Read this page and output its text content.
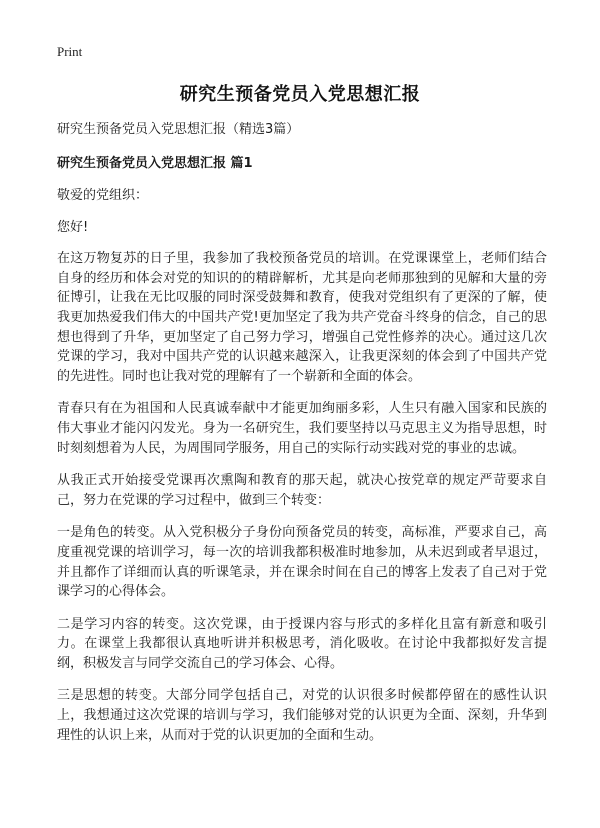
Print
研究生预备党员入党思想汇报

研究生预备党员入党思想汇报（精选3篇）

研究生预备党员入党思想汇报 篇1

敬爱的党组织：

您好!

在这万物复苏的日子里，我参加了我校预备党员的培训。在党课课堂上，老师们结合自身的经历和体会对党的知识的的精辟解析，尤其是向老师那独到的见解和大量的旁征博引，让我在无比叹服的同时深受鼓舞和教育，使我对党组织有了更深的了解，使我更加热爱我们伟大的中国共产党!更加坚定了我为共产党奋斗终身的信念，自己的思想也得到了升华，更加坚定了自己努力学习，增强自己党性修养的决心。通过这几次党课的学习，我对中国共产党的认识越来越深入，让我更深刻的体会到了中国共产党的先进性。同时也让我对党的理解有了一个崭新和全面的体会。

青春只有在为祖国和人民真诚奉献中才能更加绚丽多彩，人生只有融入国家和民族的伟大事业才能闪闪发光。身为一名研究生，我们要坚持以马克思主义为指导思想，时时刻刻想着为人民，为周围同学服务，用自己的实际行动实践对党的事业的忠诚。

从我正式开始接受党课再次熏陶和教育的那天起，就决心按党章的规定严苛要求自己，努力在党课的学习过程中，做到三个转变：

一是角色的转变。从入党积极分子身份向预备党员的转变，高标准，严要求自己，高度重视党课的培训学习，每一次的培训我都积极准时地参加，从未迟到或者早退过，并且都作了详细而认真的听课笔录，并在课余时间在自己的博客上发表了自己对于党课学习的心得体会。

二是学习内容的转变。这次党课，由于授课内容与形式的多样化且富有新意和吸引力。在课堂上我都很认真地听讲并积极思考，消化吸收。在讨论中我都拟好发言提纲，积极发言与同学交流自己的学习体会、心得。

三是思想的转变。大部分同学包括自己，对党的认识很多时候都停留在的感性认识上，我想通过这次党课的培训与学习，我们能够对党的认识更为全面、深刻，升华到理性的认识上来，从而对于党的认识更加的全面和生动。
